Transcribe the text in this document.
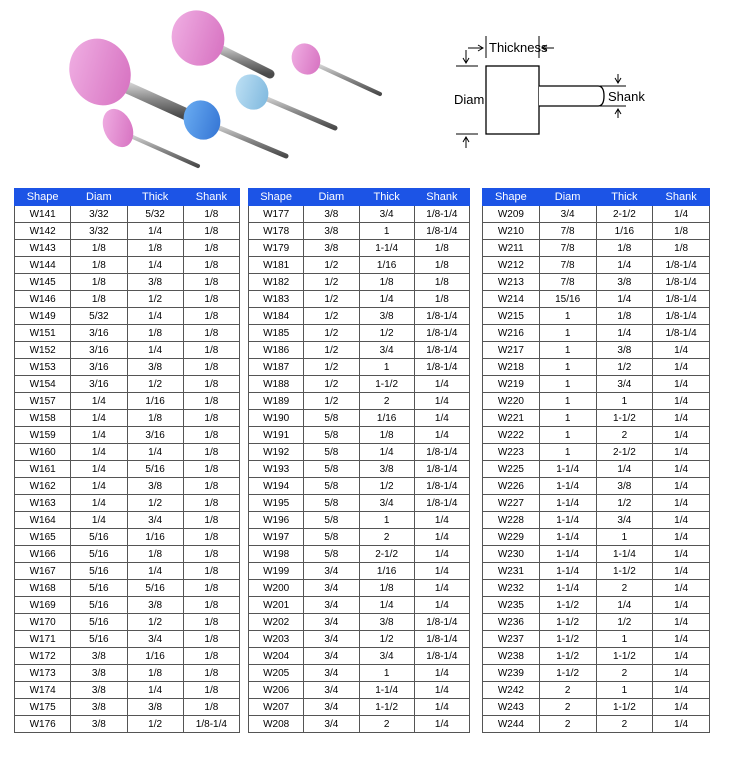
Thickness
Diam	Shank
Shape	Diam	Thick	Shank
W141	3/32	5/32	1/8
W142	3/32	1/4	1/8
W143	1/8	1/8	1/8
W144	1/8	1/4	1/8
W145	1/8	3/8	1/8
W146	1/8	1/2	1/8
W149	5/32	1/4	1/8
W151	3/16	1/8	1/8
W152	3/16	1/4	1/8
W153	3/16	3/8	1/8
W154	3/16	1/2	1/8
W157	1/4	1/16	1/8
W158	1/4	1/8	1/8
W159	1/4	3/16	1/8
W160	1/4	1/4	1/8
W161	1/4	5/16	1/8
W162	1/4	3/8	1/8
W163	1/4	1/2	1/8
W164	1/4	3/4	1/8
W165	5/16	1/16	1/8
W166	5/16	1/8	1/8
W167	5/16	1/4	1/8
W168	5/16	5/16	1/8
W169	5/16	3/8	1/8
W170	5/16	1/2	1/8
W171	5/16	3/4	1/8
W172	3/8	1/16	1/8
W173	3/8	1/8	1/8
W174	3/8	1/4	1/8
W175	3/8	3/8	1/8
W176	3/8	1/2	1/8-1/4
Shape	Diam	Thick	Shank
W177	3/8	3/4	1/8-1/4
W178	3/8	1	1/8-1/4
W179	3/8	1-1/4	1/8
W181	1/2	1/16	1/8
W182	1/2	1/8	1/8
W183	1/2	1/4	1/8
W184	1/2	3/8	1/8-1/4
W185	1/2	1/2	1/8-1/4
W186	1/2	3/4	1/8-1/4
W187	1/2	1	1/8-1/4
W188	1/2	1-1/2	1/4
W189	1/2	2	1/4
W190	5/8	1/16	1/4
W191	5/8	1/8	1/4
W192	5/8	1/4	1/8-1/4
W193	5/8	3/8	1/8-1/4
W194	5/8	1/2	1/8-1/4
W195	5/8	3/4	1/8-1/4
W196	5/8	1	1/4
W197	5/8	2	1/4
W198	5/8	2-1/2	1/4
W199	3/4	1/16	1/4
W200	3/4	1/8	1/4
W201	3/4	1/4	1/4
W202	3/4	3/8	1/8-1/4
W203	3/4	1/2	1/8-1/4
W204	3/4	3/4	1/8-1/4
W205	3/4	1	1/4
W206	3/4	1-1/4	1/4
W207	3/4	1-1/2	1/4
W208	3/4	2	1/4
Shape	Diam	Thick	Shank
W209	3/4	2-1/2	1/4
W210	7/8	1/16	1/8
W211	7/8	1/8	1/8
W212	7/8	1/4	1/8-1/4
W213	7/8	3/8	1/8-1/4
W214	15/16	1/4	1/8-1/4
W215	1	1/8	1/8-1/4
W216	1	1/4	1/8-1/4
W217	1	3/8	1/4
W218	1	1/2	1/4
W219	1	3/4	1/4
W220	1	1	1/4
W221	1	1-1/2	1/4
W222	1	2	1/4
W223	1	2-1/2	1/4
W225	1-1/4	1/4	1/4
W226	1-1/4	3/8	1/4
W227	1-1/4	1/2	1/4
W228	1-1/4	3/4	1/4
W229	1-1/4	1	1/4
W230	1-1/4	1-1/4	1/4
W231	1-1/4	1-1/2	1/4
W232	1-1/4	2	1/4
W235	1-1/2	1/4	1/4
W236	1-1/2	1/2	1/4
W237	1-1/2	1	1/4
W238	1-1/2	1-1/2	1/4
W239	1-1/2	2	1/4
W242	2	1	1/4
W243	2	1-1/2	1/4
W244	2	2	1/4
